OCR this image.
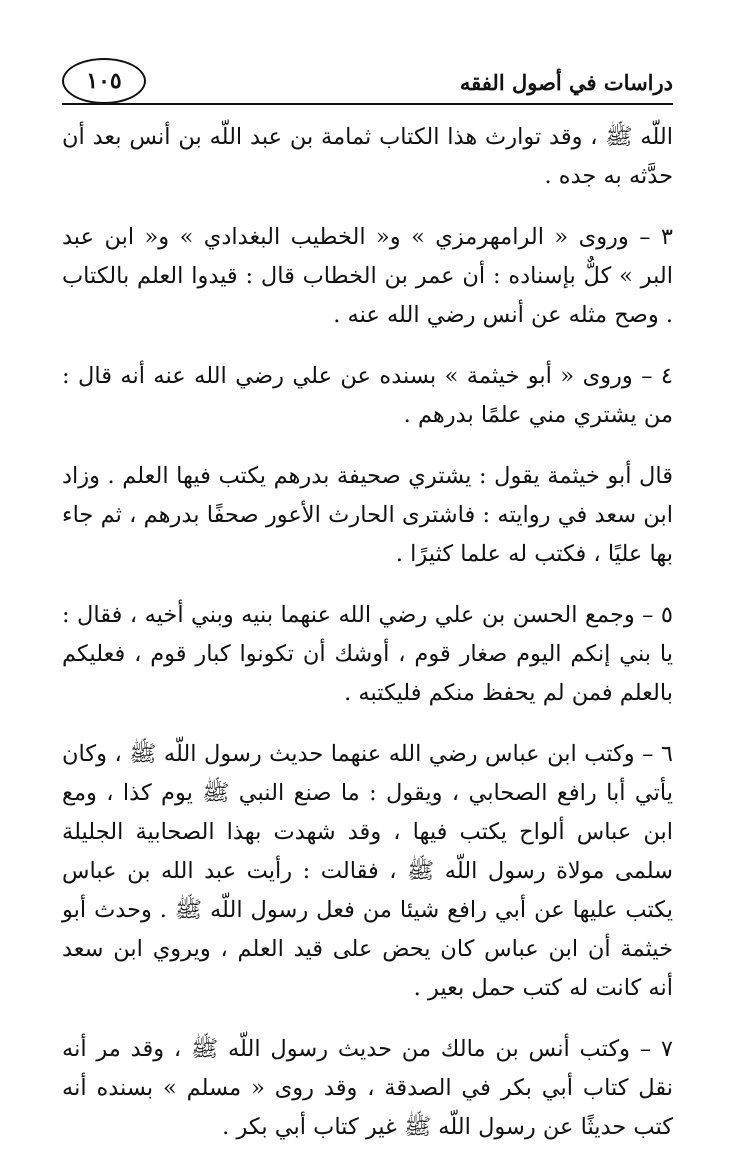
دراسات في أصول الفقه
١٠٥

اللّه ﷺ ، وقد توارث هذا الكتاب ثمامة بن عبد اللّه بن أنس بعد أن حدَّثه به جده .

٣ – وروى « الرامهرمزي » و« الخطيب البغدادي » و« ابن عبد البر » كلٌّ بإسناده : أن عمر بن الخطاب قال : قيدوا العلم بالكتاب . وصح مثله عن أنس رضي الله عنه .

٤ – وروى « أبو خيثمة » بسنده عن علي رضي الله عنه أنه قال : من يشتري مني علمًا بدرهم .

قال أبو خيثمة يقول : يشتري صحيفة بدرهم يكتب فيها العلم . وزاد ابن سعد في روايته : فاشترى الحارث الأعور صحفًا بدرهم ، ثم جاء بها عليًا ، فكتب له علما كثيرًا .

٥ – وجمع الحسن بن علي رضي الله عنهما بنيه وبني أخيه ، فقال : يا بني إنكم اليوم صغار قوم ، أوشك أن تكونوا كبار قوم ، فعليكم بالعلم فمن لم يحفظ منكم فليكتبه .

٦ – وكتب ابن عباس رضي الله عنهما حديث رسول اللّه ﷺ ، وكان يأتي أبا رافع الصحابي ، ويقول : ما صنع النبي ﷺ يوم كذا ، ومع ابن عباس ألواح يكتب فيها ، وقد شهدت بهذا الصحابية الجليلة سلمى مولاة رسول اللّه ﷺ ، فقالت : رأيت عبد الله بن عباس يكتب عليها عن أبي رافع شيئا من فعل رسول اللّه ﷺ . وحدث أبو خيثمة أن ابن عباس كان يحض على قيد العلم ، ويروي ابن سعد أنه كانت له كتب حمل بعير .

٧ – وكتب أنس بن مالك من حديث رسول اللّه ﷺ ، وقد مر أنه نقل كتاب أبي بكر في الصدقة ، وقد روى « مسلم » بسنده أنه كتب حديثًا عن رسول اللّه ﷺ غير كتاب أبي بكر .
